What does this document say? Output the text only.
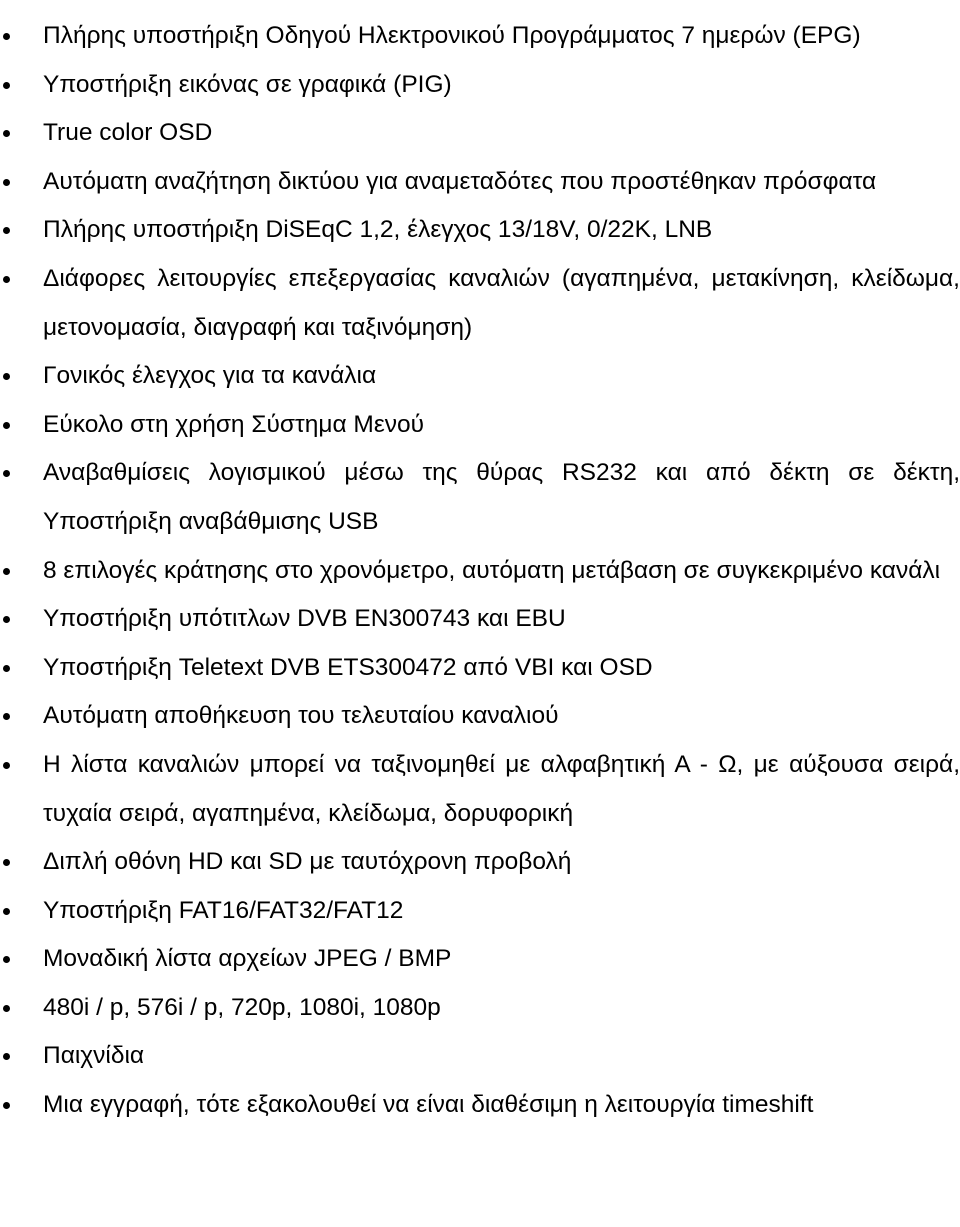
Πλήρης υποστήριξη Οδηγού Ηλεκτρονικού Προγράμματος 7 ημερών (EPG)
Υποστήριξη εικόνας σε γραφικά (PIG)
True color OSD
Αυτόματη αναζήτηση δικτύου για αναμεταδότες που προστέθηκαν πρόσφατα
Πλήρης υποστήριξη DiSEqC 1,2, έλεγχος 13/18V, 0/22K, LNB
Διάφορες λειτουργίες επεξεργασίας καναλιών (αγαπημένα, μετακίνηση, κλείδωμα, μετονομασία, διαγραφή και ταξινόμηση)
Γονικός έλεγχος για τα κανάλια
Εύκολο στη χρήση Σύστημα Μενού
Αναβαθμίσεις λογισμικού μέσω της θύρας RS232 και από δέκτη σε δέκτη, Υποστήριξη αναβάθμισης USB
8 επιλογές κράτησης στο χρονόμετρο, αυτόματη μετάβαση σε συγκεκριμένο κανάλι
Υποστήριξη υπότιτλων DVB EN300743 και EBU
Υποστήριξη Teletext DVB ETS300472 από VBI και OSD
Αυτόματη αποθήκευση του τελευταίου καναλιού
Η λίστα καναλιών μπορεί να ταξινομηθεί με αλφαβητική Α - Ω, με αύξουσα σειρά, τυχαία σειρά, αγαπημένα, κλείδωμα, δορυφορική
Διπλή οθόνη HD και SD με ταυτόχρονη προβολή
Υποστήριξη FAT16/FAT32/FAT12
Μοναδική λίστα αρχείων JPEG / BMP
480i / p, 576i / p, 720p, 1080i, 1080p
Παιχνίδια
Μια εγγραφή, τότε εξακολουθεί να είναι διαθέσιμη η λειτουργία timeshift
